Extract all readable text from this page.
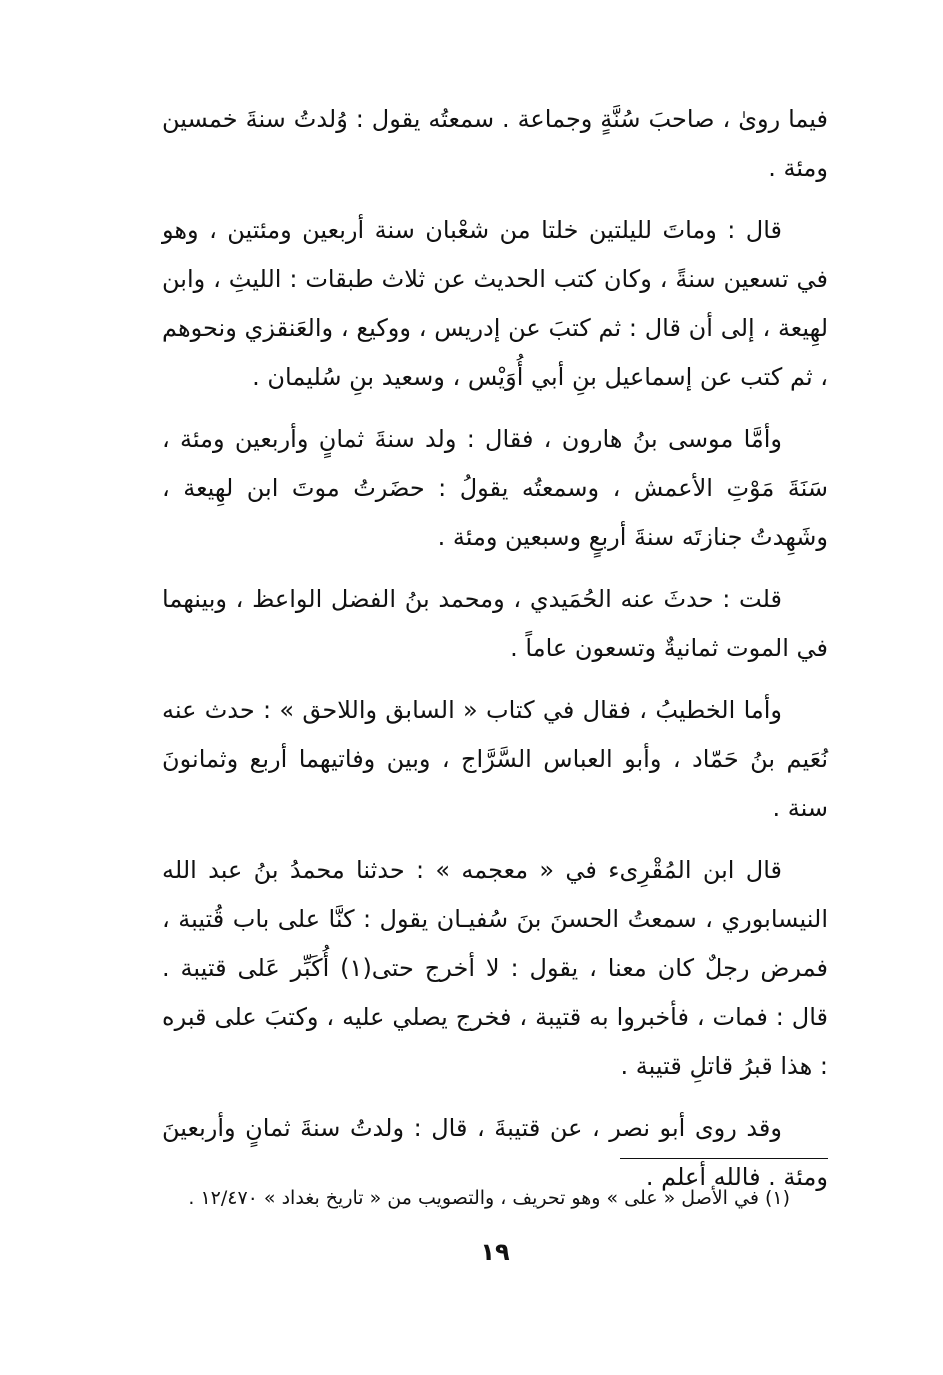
فيما روىٰ ، صاحبَ سُنَّةٍ وجماعة . سمعتُه يقول : وُلدتُ سنةَ خمسين ومئة .

قال : وماتَ لليلتين خلتا من شعْبان سنة أربعين ومئتين ، وهو في تسعين سنةً ، وكان كتب الحديث عن ثلاث طبقات : الليثِ ، وابن لهِيعة ، إلى أن قال : ثم كتبَ عن إدريس ، ووكيع ، والعَنقزي ونحوهم ، ثم كتب عن إسماعيل بنِ أبي أُوَيْس ، وسعيد بنِ سُليمان .

وأمَّا موسى بنُ هارون ، فقال : ولد سنةَ ثمانٍ وأربعين ومئة ، سَنَةَ مَوْتِ الأعمش ، وسمعتُه يقولُ : حضَرتُ موتَ ابن لهِيعة ، وشَهِدتُ جنازتَه سنةَ أربعٍ وسبعين ومئة .

قلت : حدثَ عنه الحُمَيدي ، ومحمد بنُ الفضل الواعظ ، وبينهما في الموت ثمانيةٌ وتسعون عاماً .

وأما الخطيبُ ، فقال في كتاب « السابق واللاحق » : حدث عنه نُعَيم بنُ حَمّاد ، وأبو العباس السَّرَّاج ، وبين وفاتيهما أربع وثمانونَ سنة .

قال ابن المُقْرِىء في « معجمه » : حدثنا محمدُ بنُ عبد الله النيسابوري ، سمعتُ الحسنَ بنَ سُفيـان يقول : كنَّا على باب قُتيبة ، فمرض رجلٌ كان معنا ، يقول : لا أخرج حتى(١) أُكَبِّر عَلى قتيبة . قال : فمات ، فأخبروا به قتيبة ، فخرج يصلي عليه ، وكتبَ على قبره : هذا قبرُ قاتلِ قتيبة .

وقد روى أبو نصر ، عن قتيبةَ ، قال : ولدتُ سنةَ ثمانٍ وأربعينَ ومئة . فالله أعلم .

(١) في الأصل « على » وهو تحريف ، والتصويب من « تاريخ بغداد » ١٢/٤٧٠ .
١٩
